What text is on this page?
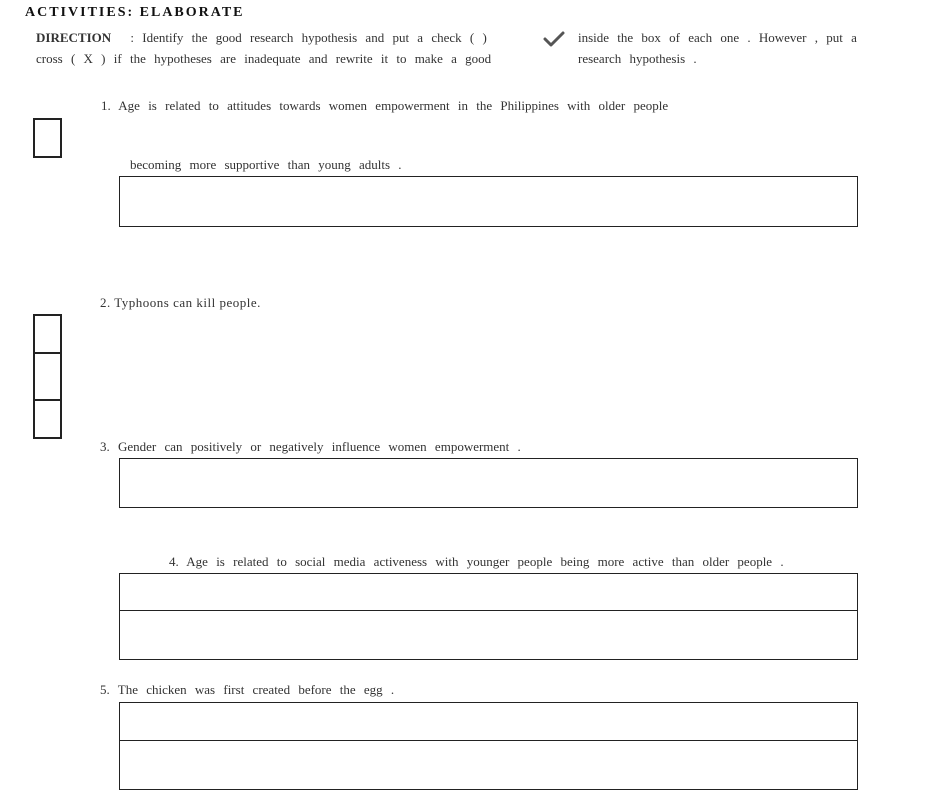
ACTIVITIES: ELABORATE
DIRECTION : Identify the good research hypothesis and put a check ( )	inside the box of each one . However , put a
cross ( X ) if the hypotheses are inadequate and rewrite it to make a good	research hypothesis .
1. Age is related to attitudes towards women empowerment in the Philippines with older people
becoming more supportive than young adults .
2. Typhoons can kill people.
3. Gender can positively or negatively influence women empowerment .
4. Age is related to social media activeness with younger people being more active than older people .
5. The chicken was first created before the egg .
